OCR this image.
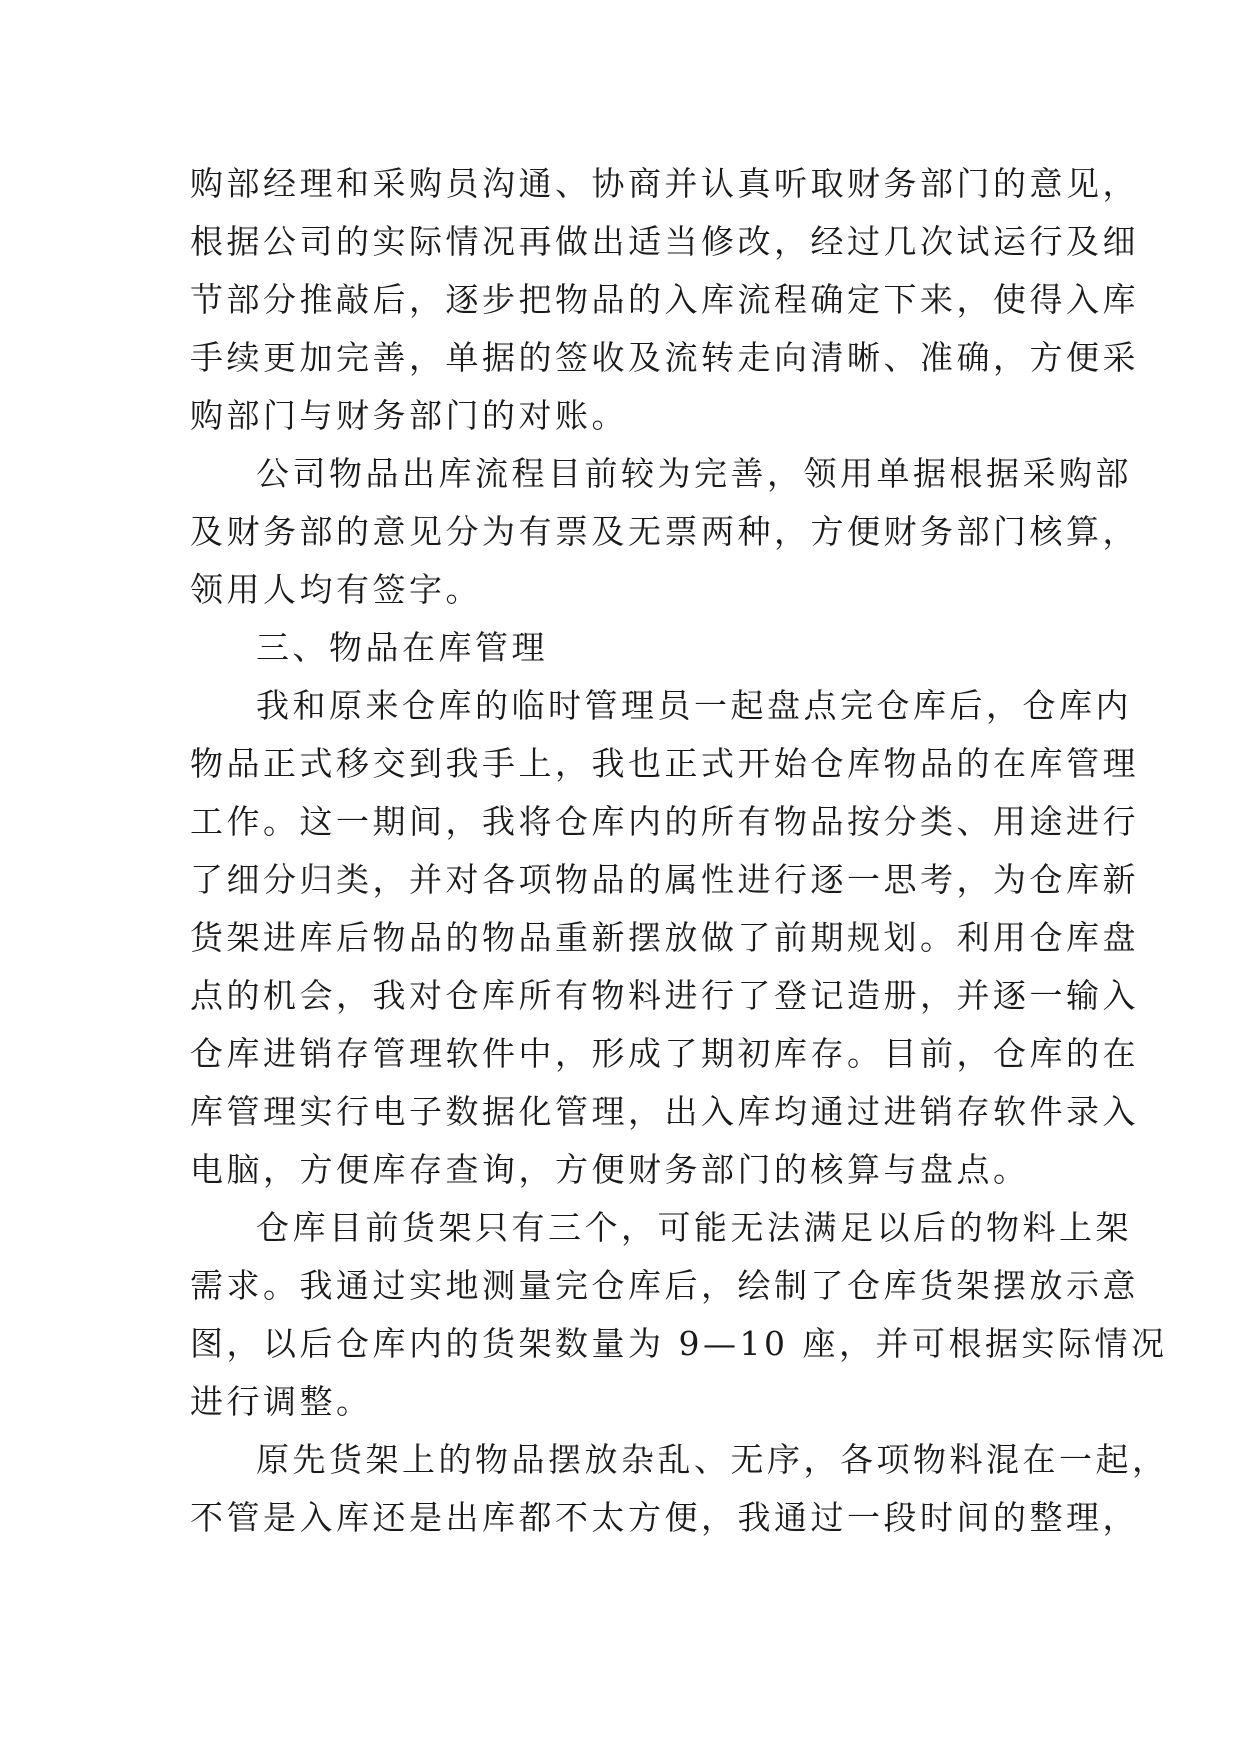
购部经理和采购员沟通、协商并认真听取财务部门的意见，
根据公司的实际情况再做出适当修改，经过几次试运行及细
节部分推敲后，逐步把物品的入库流程确定下来，使得入库
手续更加完善，单据的签收及流转走向清晰、准确，方便采
购部门与财务部门的对账。
公司物品出库流程目前较为完善，领用单据根据采购部
及财务部的意见分为有票及无票两种，方便财务部门核算，
领用人均有签字。
三、物品在库管理
我和原来仓库的临时管理员一起盘点完仓库后，仓库内
物品正式移交到我手上，我也正式开始仓库物品的在库管理
工作。这一期间，我将仓库内的所有物品按分类、用途进行
了细分归类，并对各项物品的属性进行逐一思考，为仓库新
货架进库后物品的物品重新摆放做了前期规划。利用仓库盘
点的机会，我对仓库所有物料进行了登记造册，并逐一输入
仓库进销存管理软件中，形成了期初库存。目前，仓库的在
库管理实行电子数据化管理，出入库均通过进销存软件录入
电脑，方便库存查询，方便财务部门的核算与盘点。
仓库目前货架只有三个，可能无法满足以后的物料上架
需求。我通过实地测量完仓库后，绘制了仓库货架摆放示意
图，以后仓库内的货架数量为 9—10 座，并可根据实际情况
进行调整。
原先货架上的物品摆放杂乱、无序，各项物料混在一起，
不管是入库还是出库都不太方便，我通过一段时间的整理，
